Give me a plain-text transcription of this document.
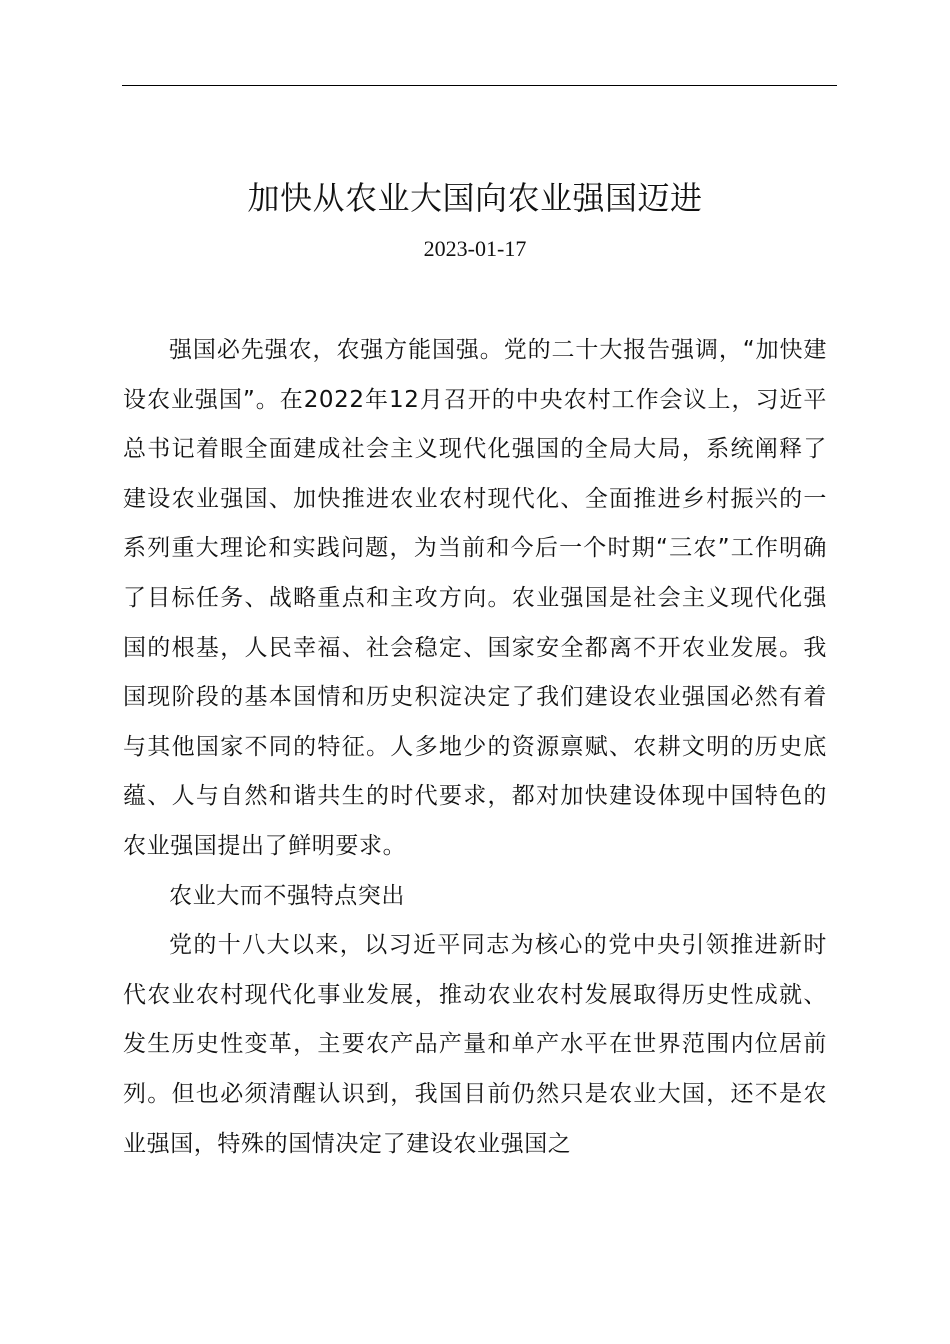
加快从农业大国向农业强国迈进
2023-01-17

强国必先强农，农强方能国强。党的二十大报告强调，“加快建设农业强国”。在2022年12月召开的中央农村工作会议上，习近平总书记着眼全面建成社会主义现代化强国的全局大局，系统阐释了建设农业强国、加快推进农业农村现代化、全面推进乡村振兴的一系列重大理论和实践问题，为当前和今后一个时期“三农”工作明确了目标任务、战略重点和主攻方向。农业强国是社会主义现代化强国的根基，人民幸福、社会稳定、国家安全都离不开农业发展。我国现阶段的基本国情和历史积淀决定了我们建设农业强国必然有着与其他国家不同的特征。人多地少的资源禀赋、农耕文明的历史底蕴、人与自然和谐共生的时代要求，都对加快建设体现中国特色的农业强国提出了鲜明要求。

农业大而不强特点突出

党的十八大以来，以习近平同志为核心的党中央引领推进新时代农业农村现代化事业发展，推动农业农村发展取得历史性成就、发生历史性变革，主要农产品产量和单产水平在世界范围内位居前列。但也必须清醒认识到，我国目前仍然只是农业大国，还不是农业强国，特殊的国情决定了建设农业强国之
